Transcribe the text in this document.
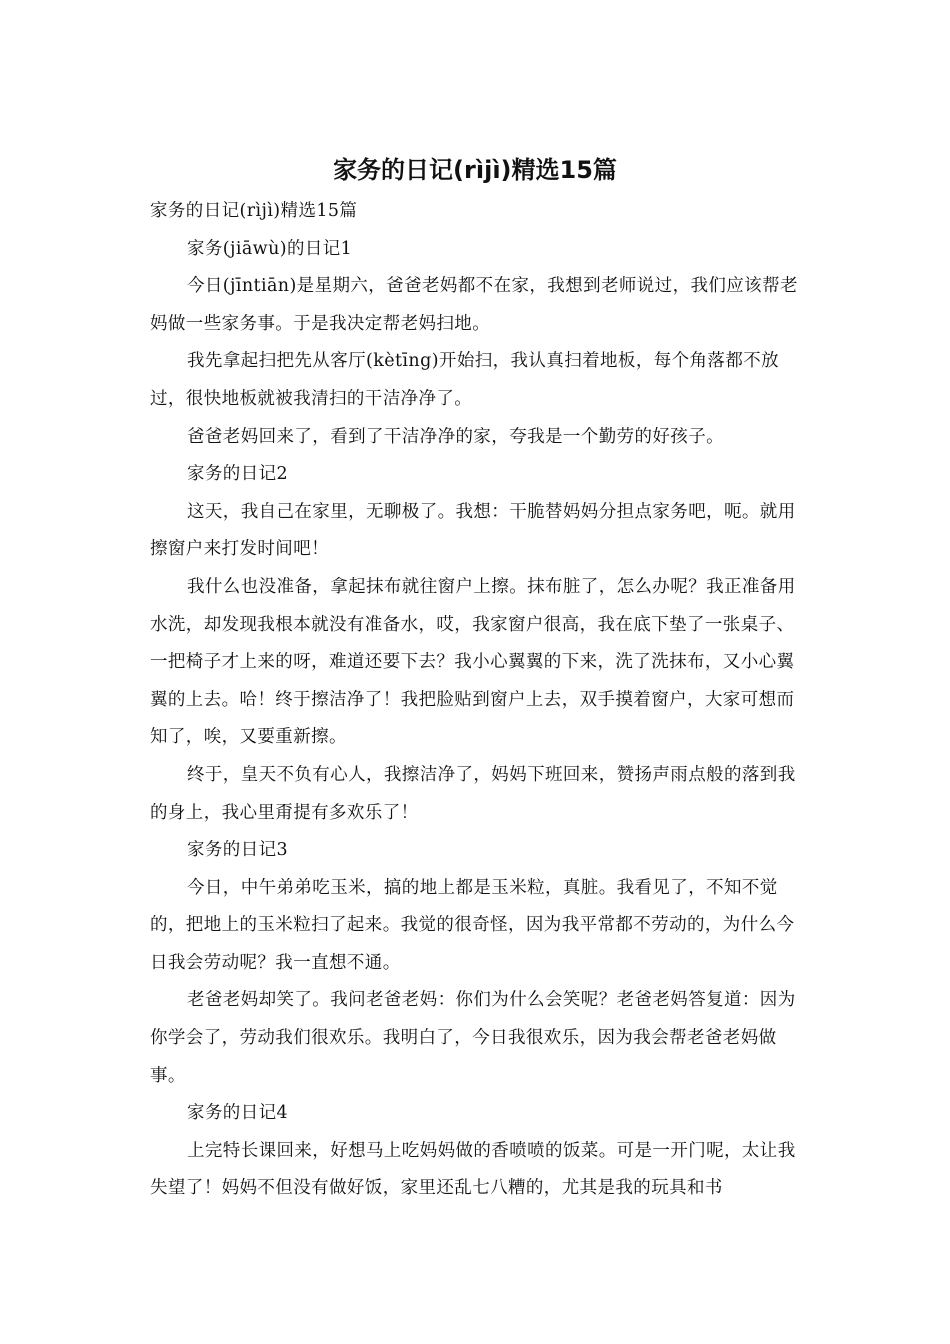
家务的日记(rìjì)精选15篇

家务的日记(rìjì)精选15篇

家务(jiāwù)的日记1

今日(jīntiān)是星期六，爸爸老妈都不在家，我想到老师说过，我们应该帮老妈做一些家务事。于是我决定帮老妈扫地。

我先拿起扫把先从客厅(kètīng)开始扫，我认真扫着地板，每个角落都不放过，很快地板就被我清扫的干洁净净了。

爸爸老妈回来了，看到了干洁净净的家，夸我是一个勤劳的好孩子。

家务的日记2

这天，我自己在家里，无聊极了。我想：干脆替妈妈分担点家务吧，呃。就用擦窗户来打发时间吧！

我什么也没准备，拿起抹布就往窗户上擦。抹布脏了，怎么办呢？我正准备用水洗，却发现我根本就没有准备水，哎，我家窗户很高，我在底下垫了一张桌子、一把椅子才上来的呀，难道还要下去？我小心翼翼的下来，洗了洗抹布，又小心翼翼的上去。哈！终于擦洁净了！我把脸贴到窗户上去，双手摸着窗户，大家可想而知了，唉，又要重新擦。

终于，皇天不负有心人，我擦洁净了，妈妈下班回来，赞扬声雨点般的落到我的身上，我心里甭提有多欢乐了！

家务的日记3

今日，中午弟弟吃玉米，搞的地上都是玉米粒，真脏。我看见了，不知不觉的，把地上的玉米粒扫了起来。我觉的很奇怪，因为我平常都不劳动的，为什么今日我会劳动呢？我一直想不通。

老爸老妈却笑了。我问老爸老妈：你们为什么会笑呢？老爸老妈答复道：因为你学会了，劳动我们很欢乐。我明白了，今日我很欢乐，因为我会帮老爸老妈做事。

家务的日记4

上完特长课回来，好想马上吃妈妈做的香喷喷的饭菜。可是一开门呢，太让我失望了！妈妈不但没有做好饭，家里还乱七八糟的，尤其是我的玩具和书
